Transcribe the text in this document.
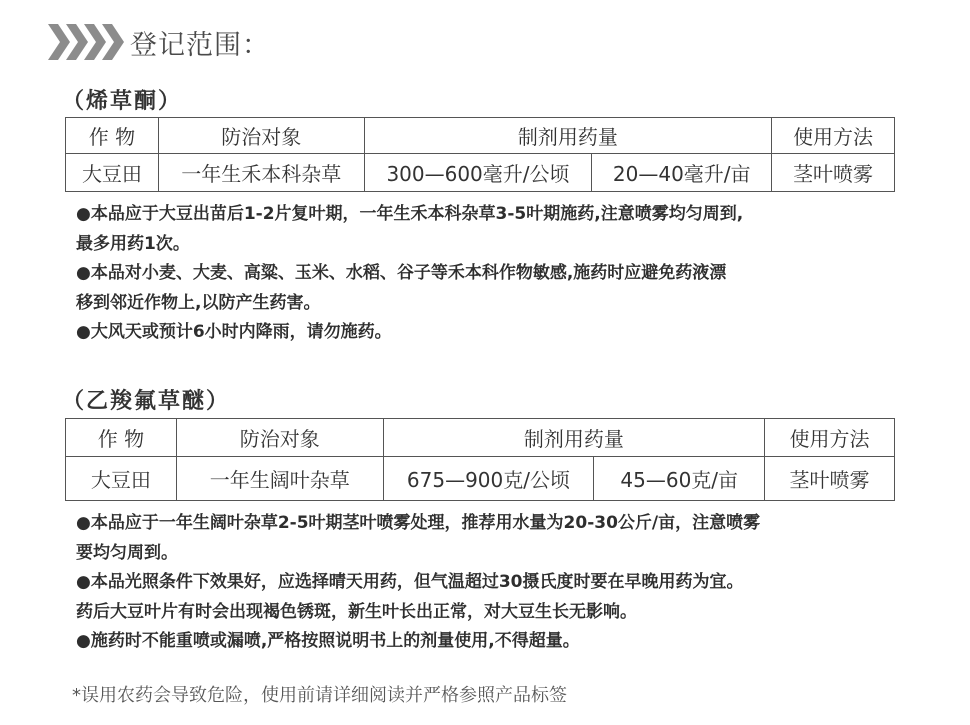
登记范围：
（烯草酮）
作 物	防治对象	制剂用药量		使用方法
大豆田	一年生禾本科杂草	300—600毫升/公顷	20—40毫升/亩	茎叶喷雾

●本品应于大豆出苗后1-2片复叶期，一年生禾本科杂草3-5叶期施药,注意喷雾均匀周到,

最多用药1次。

●本品对小麦、大麦、高粱、玉米、水稻、谷子等禾本科作物敏感,施药时应避免药液漂

移到邻近作物上,以防产生药害。

●大风天或预计6小时内降雨，请勿施药。

（乙羧氟草醚）
作 物	防治对象	制剂用药量		使用方法
大豆田	一年生阔叶杂草	675—900克/公顷	45—60克/亩	茎叶喷雾

●本品应于一年生阔叶杂草2-5叶期茎叶喷雾处理，推荐用水量为20-30公斤/亩，注意喷雾

要均匀周到。

●本品光照条件下效果好，应选择晴天用药，但气温超过30摄氏度时要在早晚用药为宜。

药后大豆叶片有时会出现褐色锈斑，新生叶长出正常，对大豆生长无影响。

●施药时不能重喷或漏喷,严格按照说明书上的剂量使用,不得超量。

*误用农药会导致危险，使用前请详细阅读并严格参照产品标签
